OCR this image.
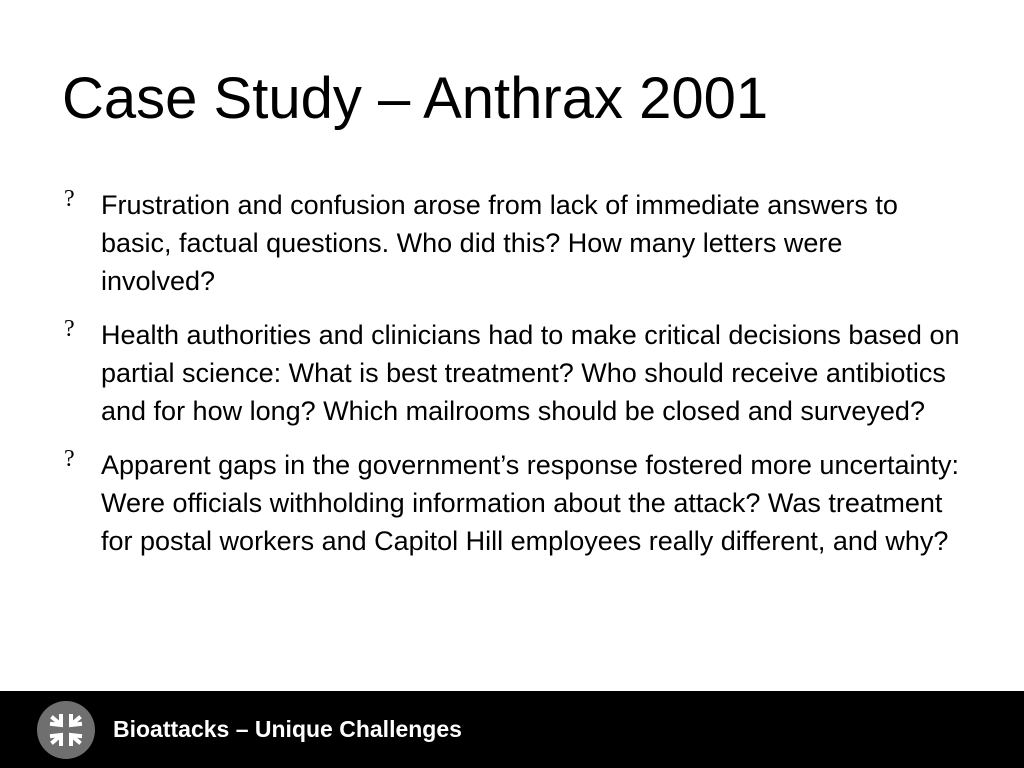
Case Study – Anthrax 2001
? Frustration and confusion arose from lack of immediate answers to basic, factual questions. Who did this? How many letters were involved?
? Health authorities and clinicians had to make critical decisions based on partial science: What is best treatment? Who should receive antibiotics and for how long? Which mailrooms should be closed and surveyed?
? Apparent gaps in the government’s response fostered more uncertainty: Were officials withholding information about the attack? Was treatment for postal workers and Capitol Hill employees really different, and why?
Bioattacks – Unique Challenges
